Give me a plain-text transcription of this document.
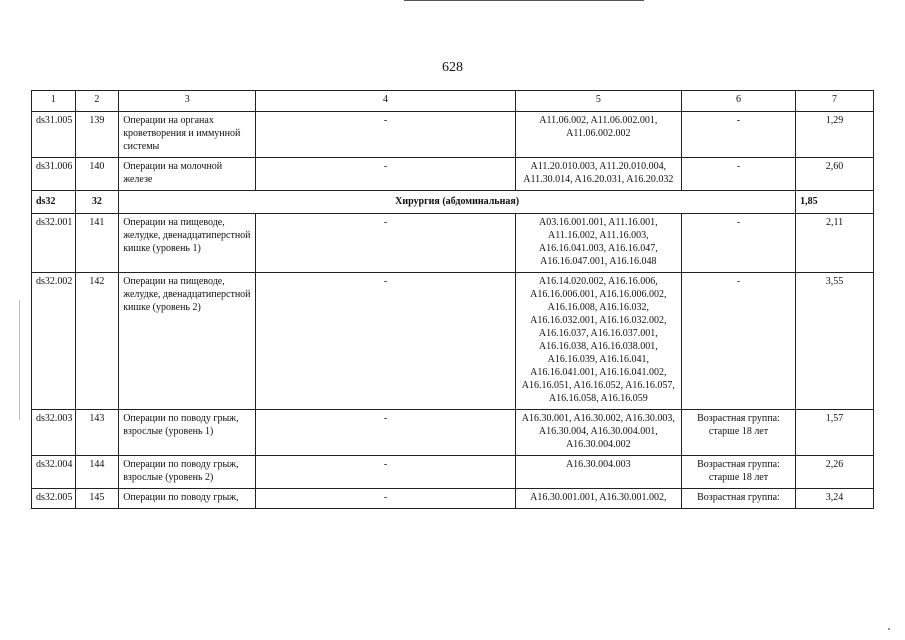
628
1	2	3	4	5	6	7
ds31.005	139	Операции на органах кроветворения и иммунной системы	-	A11.06.002, A11.06.002.001, A11.06.002.002	-	1,29
ds31.006	140	Операции на молочной железе	-	A11.20.010.003, A11.20.010.004, A11.30.014, A16.20.031, A16.20.032	-	2,60
ds32	32	Хирургия (абдоминальная)				1,85
ds32.001	141	Операции на пищеводе, желудке, двенадцатиперстной кишке (уровень 1)	-	A03.16.001.001, A11.16.001, A11.16.002, A11.16.003, A16.16.041.003, A16.16.047, A16.16.047.001, A16.16.048	-	2,11
ds32.002	142	Операции на пищеводе, желудке, двенадцатиперстной кишке (уровень 2)	-	A16.14.020.002, A16.16.006, A16.16.006.001, A16.16.006.002, A16.16.008, A16.16.032, A16.16.032.001, A16.16.032.002, A16.16.037, A16.16.037.001, A16.16.038, A16.16.038.001, A16.16.039, A16.16.041, A16.16.041.001, A16.16.041.002, A16.16.051, A16.16.052, A16.16.057, A16.16.058, A16.16.059	-	3,55
ds32.003	143	Операции по поводу грыж, взрослые (уровень 1)	-	A16.30.001, A16.30.002, A16.30.003, A16.30.004, A16.30.004.001, A16.30.004.002	Возрастная группа: старше 18 лет	1,57
ds32.004	144	Операции по поводу грыж, взрослые (уровень 2)	-	A16.30.004.003	Возрастная группа: старше 18 лет	2,26
ds32.005	145	Операции по поводу грыж,	-	A16.30.001.001, A16.30.001.002,	Возрастная группа:	3,24
